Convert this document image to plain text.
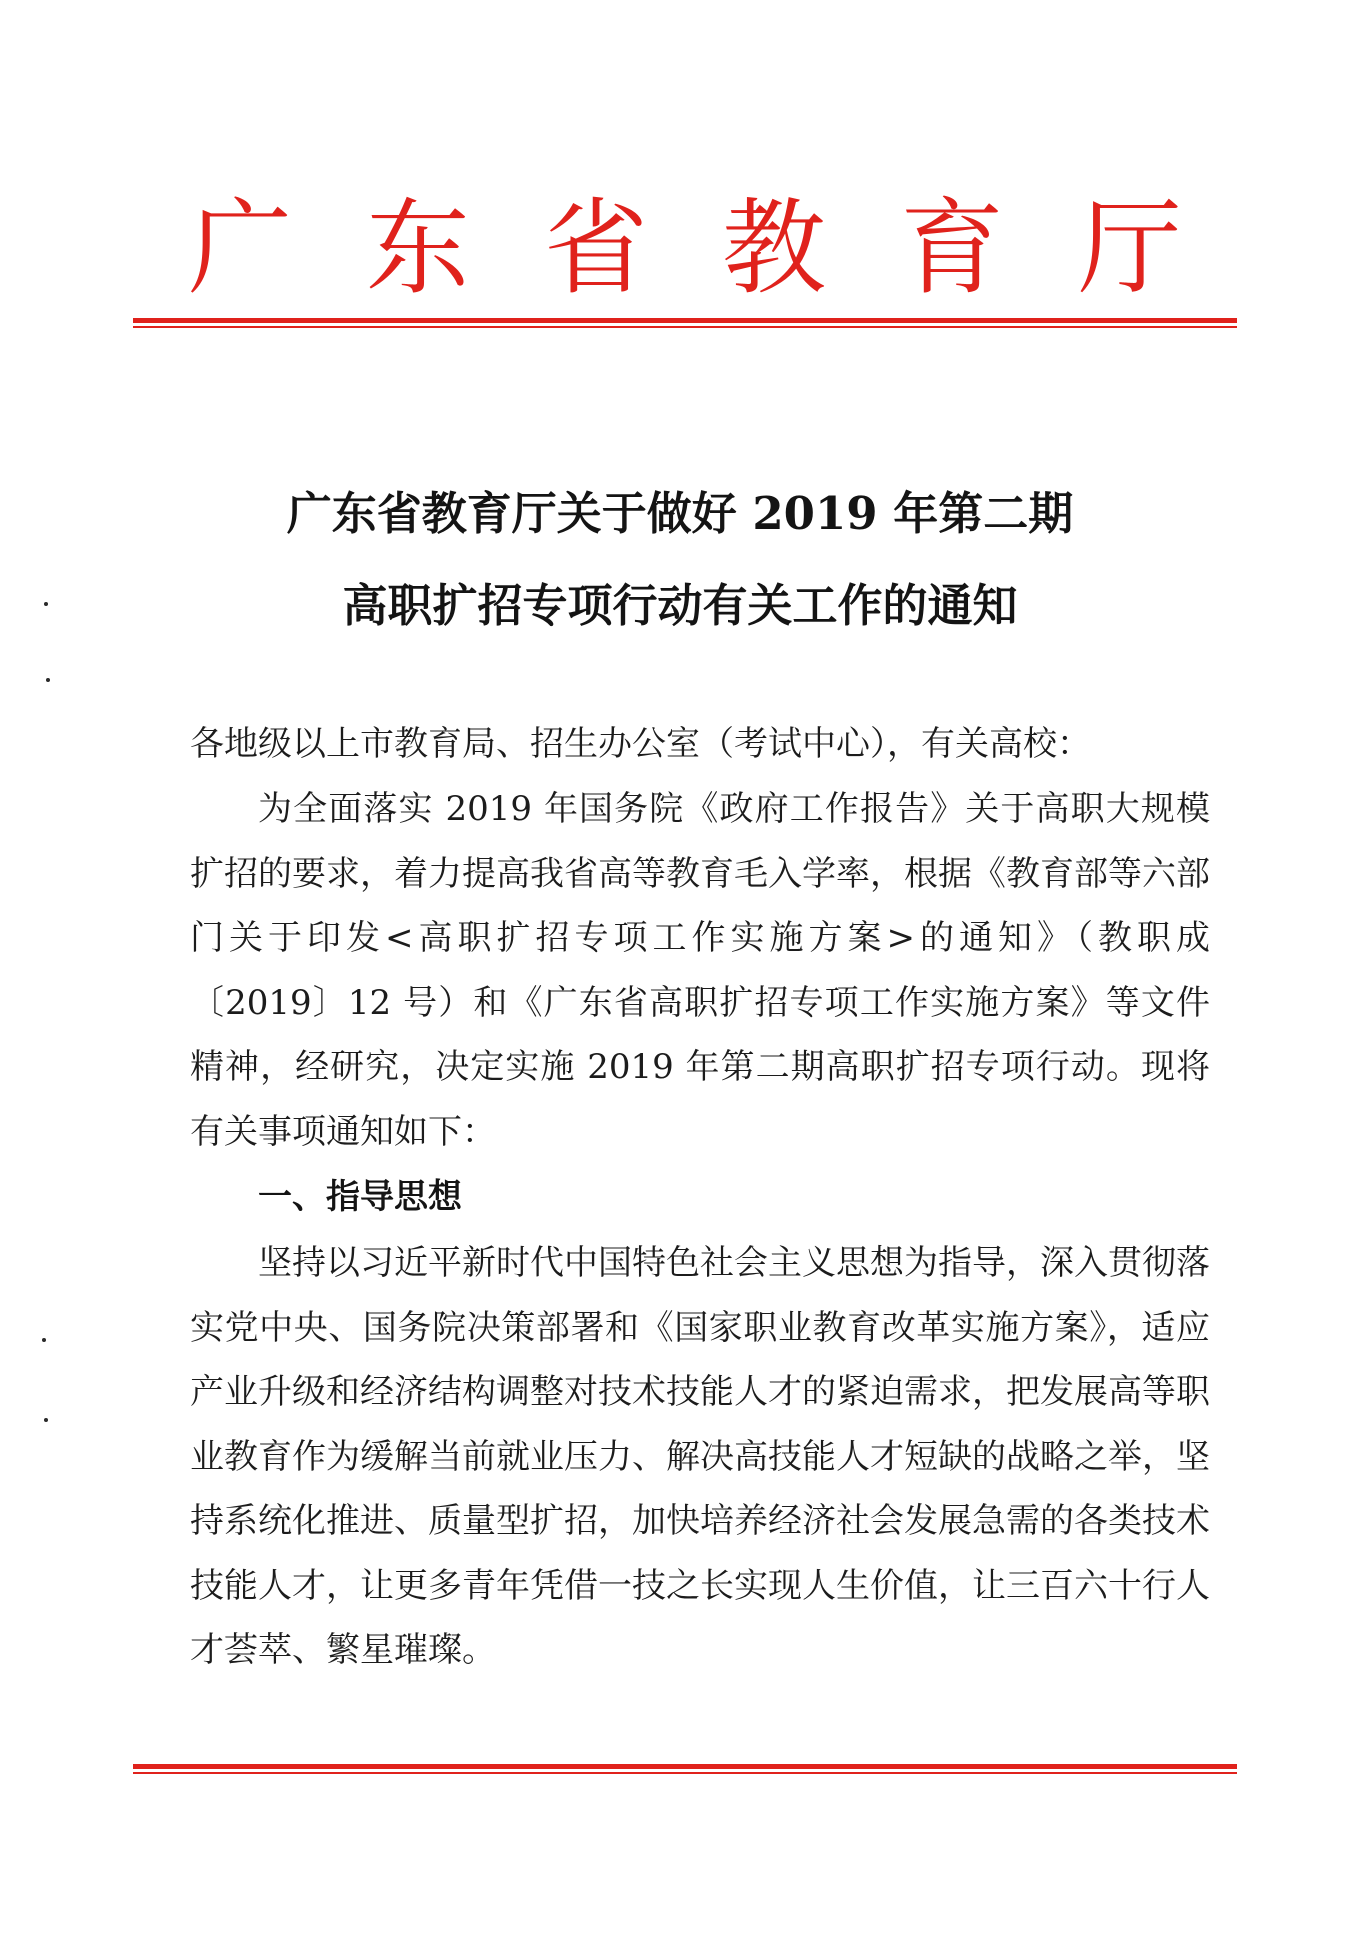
广 东 省 教 育 厅
广东省教育厅关于做好 2019 年第二期
高职扩招专项行动有关工作的通知
各地级以上市教育局、招生办公室（考试中心），有关高校：
为全面落实 2019 年国务院《政府工作报告》关于高职大规模扩招的要求，着力提高我省高等教育毛入学率，根据《教育部等六部门关于印发<高职扩招专项工作实施方案>的通知》（教职成〔2019〕12 号）和《广东省高职扩招专项工作实施方案》等文件精神，经研究，决定实施 2019 年第二期高职扩招专项行动。现将有关事项通知如下：
一、指导思想
坚持以习近平新时代中国特色社会主义思想为指导，深入贯彻落实党中央、国务院决策部署和《国家职业教育改革实施方案》，适应产业升级和经济结构调整对技术技能人才的紧迫需求，把发展高等职业教育作为缓解当前就业压力、解决高技能人才短缺的战略之举，坚持系统化推进、质量型扩招，加快培养经济社会发展急需的各类技术技能人才，让更多青年凭借一技之长实现人生价值，让三百六十行人才荟萃、繁星璀璨。
